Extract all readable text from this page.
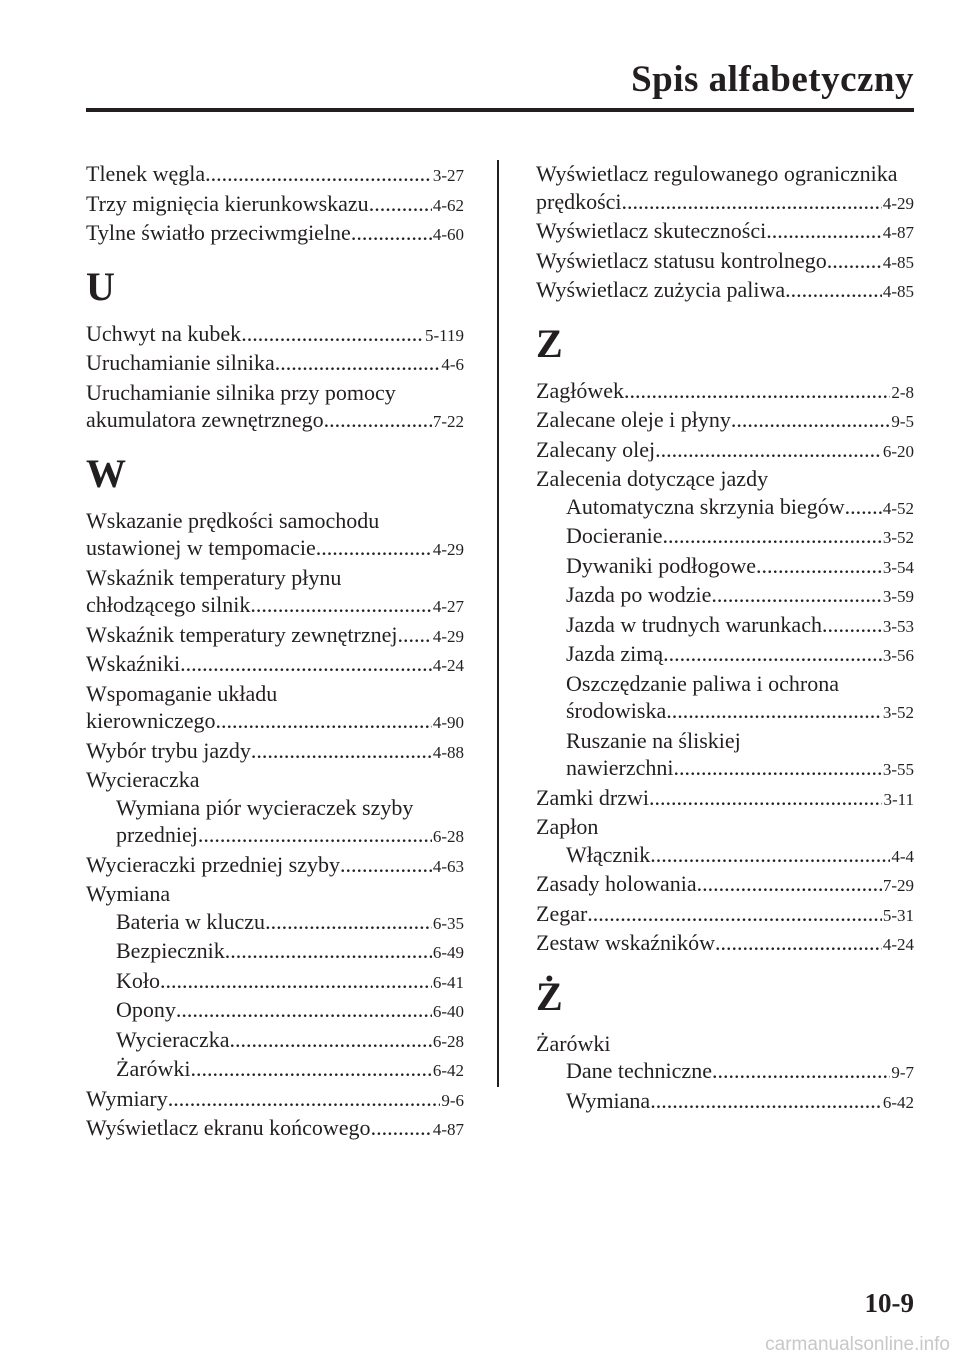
Spis alfabetyczny
Tlenek węgla .....	3-27
Trzy mignięcia kierunkowskazu .....	4-62
Tylne światło przeciwmgielne .....	4-60
U
Uchwyt na kubek .....	5-119
Uruchamianie silnika .....	4-6
Uruchamianie silnika przy pomocy
akumulatora zewnętrznego .....	7-22
W
Wskazanie prędkości samochodu
ustawionej w tempomacie .....	4-29
Wskaźnik temperatury płynu
chłodzącego silnik .....	4-27
Wskaźnik temperatury zewnętrznej ..... 4-29
Wskaźniki .....	4-24
Wspomaganie układu
kierowniczego .....	4-90
Wybór trybu jazdy .....	4-88
Wycieraczka
Wymiana piór wycieraczek szyby
przedniej .....	6-28
Wycieraczki przedniej szyby .....	4-63
Wymiana
Bateria w kluczu .....	6-35
Bezpiecznik .....	6-49
Koło .....	6-41
Opony .....	6-40
Wycieraczka .....	6-28
Żarówki .....	6-42
Wymiary .....	9-6
Wyświetlacz ekranu końcowego .....	4-87
Wyświetlacz regulowanego ogranicznika
prędkości .....	4-29
Wyświetlacz skuteczności .....	4-87
Wyświetlacz statusu kontrolnego .....	4-85
Wyświetlacz zużycia paliwa .....	4-85
Z
Zagłówek .....	2-8
Zalecane oleje i płyny .....	9-5
Zalecany olej .....	6-20
Zalecenia dotyczące jazdy
Automatyczna skrzynia biegów ..... 4-52
Docieranie .....	3-52
Dywaniki podłogowe .....	3-54
Jazda po wodzie .....	3-59
Jazda w trudnych warunkach .....	3-53
Jazda zimą .....	3-56
Oszczędzanie paliwa i ochrona
środowiska .....	3-52
Ruszanie na śliskiej
nawierzchni .....	3-55
Zamki drzwi .....	3-11
Zapłon
Włącznik .....	4-4
Zasady holowania .....	7-29
Zegar .....	5-31
Zestaw wskaźników .....	4-24
Ż
Żarówki
Dane techniczne .....	9-7
Wymiana .....	6-42
10-9
carmanualsonline.info
